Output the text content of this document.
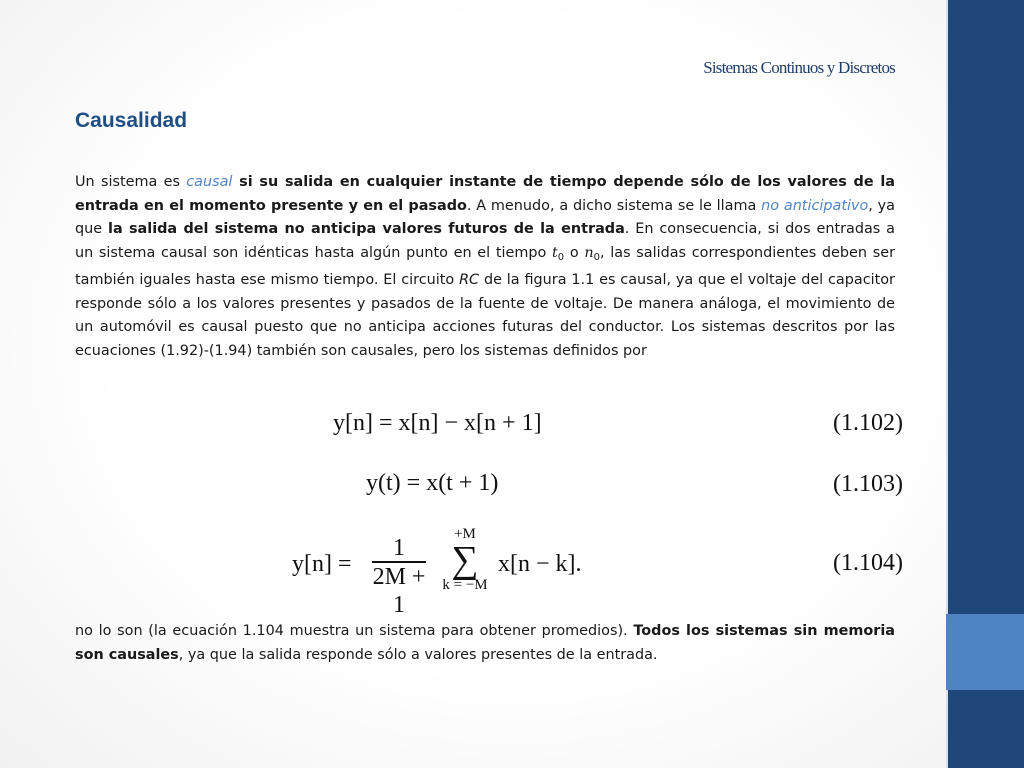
Sistemas Continuos y Discretos
Causalidad
Un sistema es causal si su salida en cualquier instante de tiempo depende sólo de los valores de la entrada en el momento presente y en el pasado. A menudo, a dicho sistema se le llama no anticipativo, ya que la salida del sistema no anticipa valores futuros de la entrada. En consecuencia, si dos entradas a un sistema causal son idénticas hasta algún punto en el tiempo $t_0$ o $n_0$, las salidas correspondientes deben ser también iguales hasta ese mismo tiempo. El circuito RC de la figura 1.1 es causal, ya que el voltaje del capacitor responde sólo a los valores presentes y pasados de la fuente de voltaje. De manera análoga, el movimiento de un automóvil es causal puesto que no anticipa acciones futuras del conductor. Los sistemas descritos por las ecuaciones (1.92)-(1.94) también son causales, pero los sistemas definidos por
y[n] = x[n] − x[n + 1]	(1.102)
y(t) = x(t + 1)	(1.103)
y[n] =
1
2M + 1
+M
∑
k = −M
x[n − k].	(1.104)
no lo son (la ecuación 1.104 muestra un sistema para obtener promedios). Todos los sistemas sin memoria son causales, ya que la salida responde sólo a valores presentes de la entrada.
